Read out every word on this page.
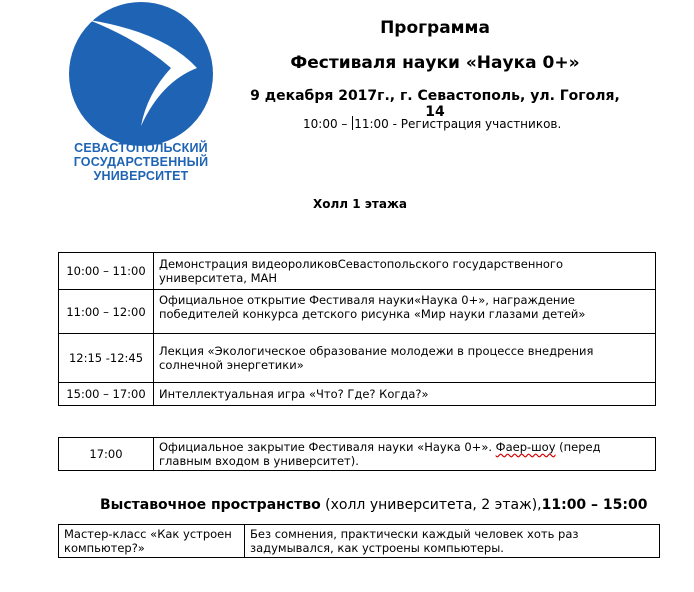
СЕВАСТОПОЛЬСКИЙ
ГОСУДАРСТВЕННЫЙ
УНИВЕРСИТЕТ
Программа
Фестиваля науки «Наука 0+»
9 декабря 2017г., г. Севастополь, ул. Гоголя, 14
10:00 – 11:00 - Регистрация участников.
Холл 1 этажа
10:00 – 11:00	Демонстрация видеороликовСевастопольского государственного университета, МАН
11:00 – 12:00	Официальное открытие Фестиваля науки«Наука 0+», награждение победителей конкурса детского рисунка «Мир науки глазами детей»
12:15 -12:45	Лекция «Экологическое образование молодежи в процессе внедрения солнечной энергетики»
15:00 – 17:00	Интеллектуальная игра «Что? Где? Когда?»
17:00	Официальное закрытие Фестиваля науки «Наука 0+». Фаер-шоу (перед главным входом в университет).
Выставочное пространство (холл университета, 2 этаж),11:00 – 15:00
Мастер-класс «Как устроен компьютер?»	Без сомнения, практически каждый человек хоть раз задумывался, как устроены компьютеры.
